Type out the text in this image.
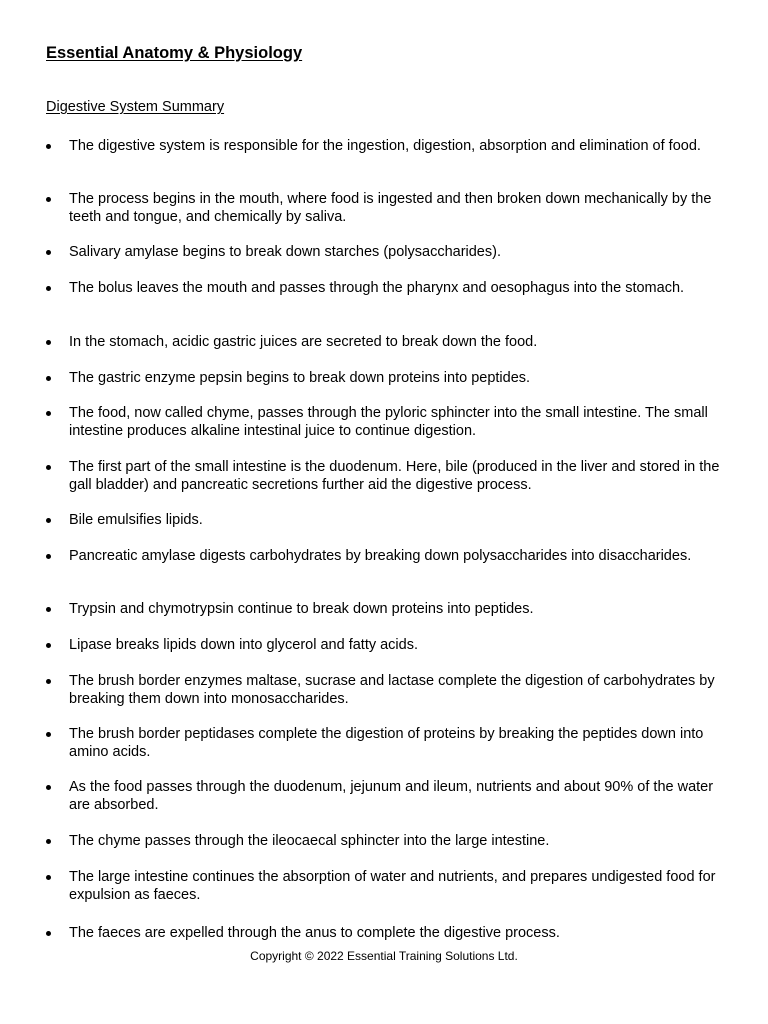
Essential Anatomy & Physiology
Digestive System Summary
The digestive system is responsible for the ingestion, digestion, absorption and elimination of food.
The process begins in the mouth, where food is ingested and then broken down mechanically by the teeth and tongue, and chemically by saliva.
Salivary amylase begins to break down starches (polysaccharides).
The bolus leaves the mouth and passes through the pharynx and oesophagus into the stomach.
In the stomach, acidic gastric juices are secreted to break down the food.
The gastric enzyme pepsin begins to break down proteins into peptides.
The food, now called chyme, passes through the pyloric sphincter into the small intestine. The small intestine produces alkaline intestinal juice to continue digestion.
The first part of the small intestine is the duodenum. Here, bile (produced in the liver and stored in the gall bladder) and pancreatic secretions further aid the digestive process.
Bile emulsifies lipids.
Pancreatic amylase digests carbohydrates by breaking down polysaccharides into disaccharides.
Trypsin and chymotrypsin continue to break down proteins into peptides.
Lipase breaks lipids down into glycerol and fatty acids.
The brush border enzymes maltase, sucrase and lactase complete the digestion of carbohydrates by breaking them down into monosaccharides.
The brush border peptidases complete the digestion of proteins by breaking the peptides down into amino acids.
As the food passes through the duodenum, jejunum and ileum, nutrients and about 90% of the water are absorbed.
The chyme passes through the ileocaecal sphincter into the large intestine.
The large intestine continues the absorption of water and nutrients, and prepares undigested food for expulsion as faeces.
The faeces are expelled through the anus to complete the digestive process.
Copyright © 2022 Essential Training Solutions Ltd.
